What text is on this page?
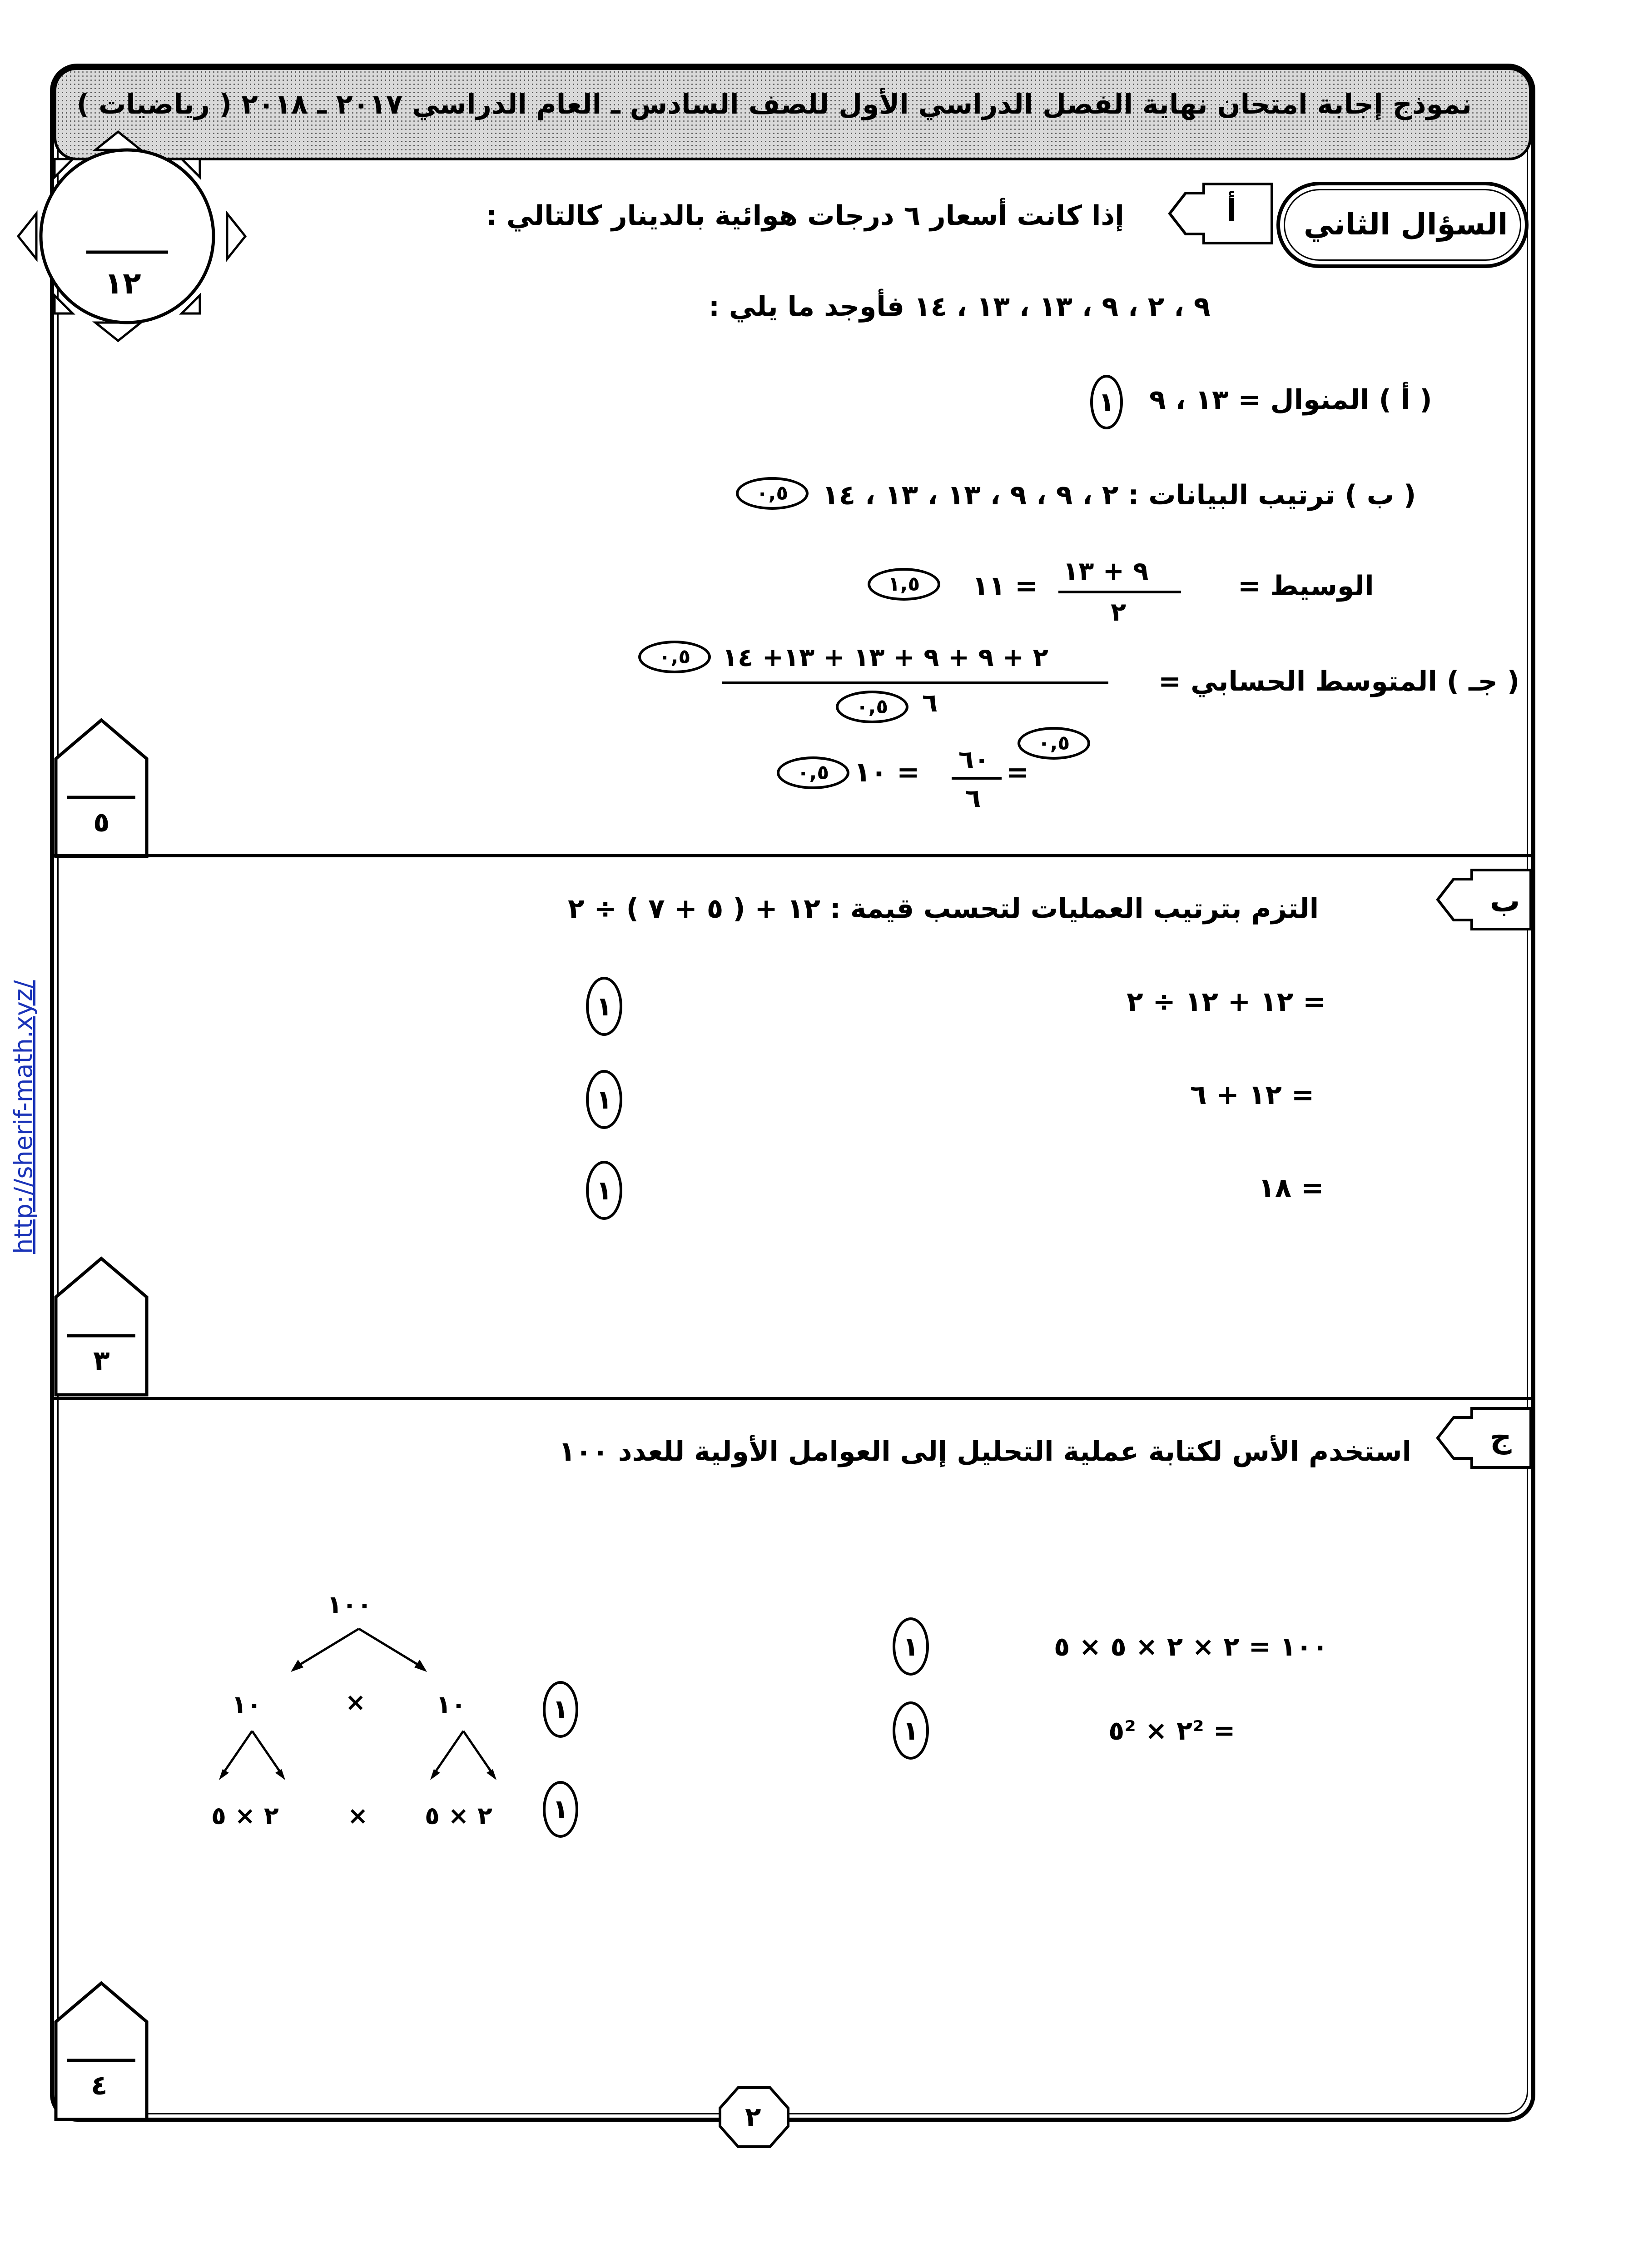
نموذج إجابة امتحان نهاية الفصل الدراسي الأول للصف السادس ـ العام الدراسي ٢٠١٧ ـ ٢٠١٨ ( رياضيات )
١٢
السؤال الثاني
أ
إذا كانت أسعار ٦ درجات هوائية بالدينار كالتالي :
٩ ، ٢ ، ٩ ، ١٣ ، ١٣ ، ١٤ فأوجد ما يلي :
( أ ) المنوال = ١٣ ، ٩
١
( ب ) ترتيب البيانات : ٢ ، ٩ ، ٩ ، ١٣ ، ١٣ ، ١٤
٠,٥
الوسيط =
٩ + ١٣
٢
= ١١
١,٥
( جـ ) المتوسط الحسابي =
٢ + ٩ + ٩ + ١٣ + ١٣+ ١٤
٦
٠,٥
٠,٥
٦٠
٦
=
٠,٥
= ١٠
٠,٥
٥
ب
التزم بترتيب العمليات لتحسب قيمة : ١٢ + ( ٥ + ٧ ) ÷ ٢
= ١٢ + ١٢ ÷ ٢
= ١٢ + ٦
= ١٨
١
١
١
٣
ج
استخدم الأس لكتابة عملية التحليل إلى العوامل الأولية للعدد ١٠٠
١٠٠
١٠	×	١٠
٢ × ٥	× ٢ × ٥
١
١
١٠٠ = ٢ × ٢ × ٥ × ٥
= ٢² × ٥²
١
١
٤
٢
http://sherif-math.xyz/
